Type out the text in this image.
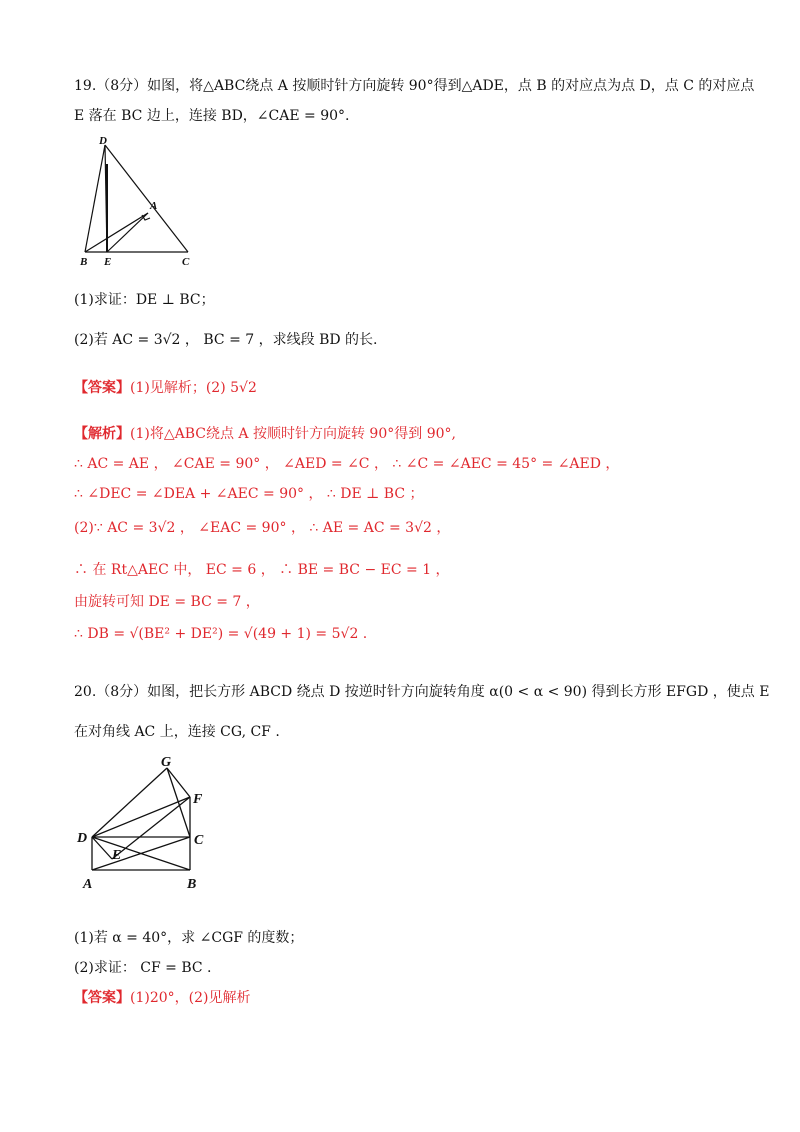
19.（8分）如图，将△ABC绕点 A 按顺时针方向旋转 90°得到△ADE，点 B 的对应点为点 D，点 C 的对应点
E 落在 BC 边上，连接 BD，∠CAE = 90°.
D
A
B E	C
(1)求证：DE ⊥ BC；
(2)若 AC = 3√2 ， BC = 7 ，求线段 BD 的长.
【答案】(1)见解析；(2) 5√2
【解析】(1)将△ABC绕点 A 按顺时针方向旋转 90°得到 90°,
∴ AC = AE ， ∠CAE = 90° ， ∠AED = ∠C ， ∴ ∠C = ∠AEC = 45° = ∠AED ，
∴ ∠DEC = ∠DEA + ∠AEC = 90° ， ∴ DE ⊥ BC ；
(2)∵ AC = 3√2 ， ∠EAC = 90° ， ∴ AE = AC = 3√2 ，
∴ 在 Rt△AEC 中， EC = 6 ， ∴ BE = BC − EC = 1 ，
由旋转可知 DE = BC = 7 ，
∴ DB = √(BE² + DE²) = √(49 + 1) = 5√2 .
20.（8分）如图，把长方形 ABCD 绕点 D 按逆时针方向旋转角度 α(0 < α < 90) 得到长方形 EFGD ，使点 E
在对角线 AC 上，连接 CG, CF .
G
F
D	C
E
A	B
(1)若 α = 40°，求 ∠CGF 的度数；
(2)求证： CF = BC .
【答案】(1)20°，(2)见解析
